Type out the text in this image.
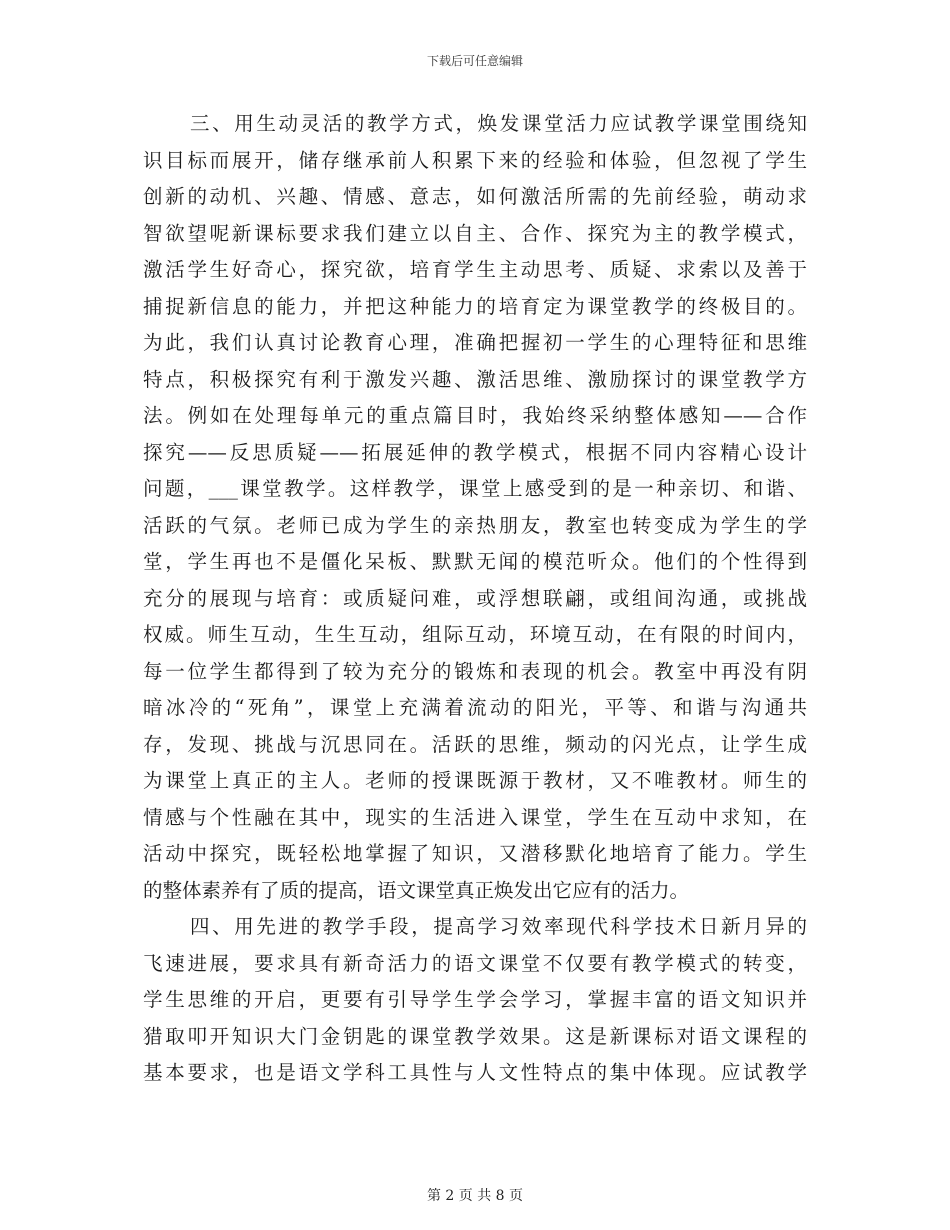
下载后可任意编辑
三、用生动灵活的教学方式，焕发课堂活力应试教学课堂围绕知
识目标而展开，储存继承前人积累下来的经验和体验，但忽视了学生
创新的动机、兴趣、情感、意志，如何激活所需的先前经验，萌动求
智欲望呢新课标要求我们建立以自主、合作、探究为主的教学模式，
激活学生好奇心，探究欲，培育学生主动思考、质疑、求索以及善于
捕捉新信息的能力，并把这种能力的培育定为课堂教学的终极目的。
为此，我们认真讨论教育心理，准确把握初一学生的心理特征和思维
特点，积极探究有利于激发兴趣、激活思维、激励探讨的课堂教学方
法。例如在处理每单元的重点篇目时，我始终采纳整体感知——合作
探究——反思质疑——拓展延伸的教学模式，根据不同内容精心设计
问题，___课堂教学。这样教学，课堂上感受到的是一种亲切、和谐、
活跃的气氛。老师已成为学生的亲热朋友，教室也转变成为学生的学
堂，学生再也不是僵化呆板、默默无闻的模范听众。他们的个性得到
充分的展现与培育：或质疑问难，或浮想联翩，或组间沟通，或挑战
权威。师生互动，生生互动，组际互动，环境互动，在有限的时间内，
每一位学生都得到了较为充分的锻炼和表现的机会。教室中再没有阴
暗冰冷的“死角”，课堂上充满着流动的阳光，平等、和谐与沟通共
存，发现、挑战与沉思同在。活跃的思维，频动的闪光点，让学生成
为课堂上真正的主人。老师的授课既源于教材，又不唯教材。师生的
情感与个性融在其中，现实的生活进入课堂，学生在互动中求知，在
活动中探究，既轻松地掌握了知识，又潜移默化地培育了能力。学生
的整体素养有了质的提高，语文课堂真正焕发出它应有的活力。
四、用先进的教学手段，提高学习效率现代科学技术日新月异的
飞速进展，要求具有新奇活力的语文课堂不仅要有教学模式的转变，
学生思维的开启，更要有引导学生学会学习，掌握丰富的语文知识并
猎取叩开知识大门金钥匙的课堂教学效果。这是新课标对语文课程的
基本要求，也是语文学科工具性与人文性特点的集中体现。应试教学
第 2 页 共 8 页
